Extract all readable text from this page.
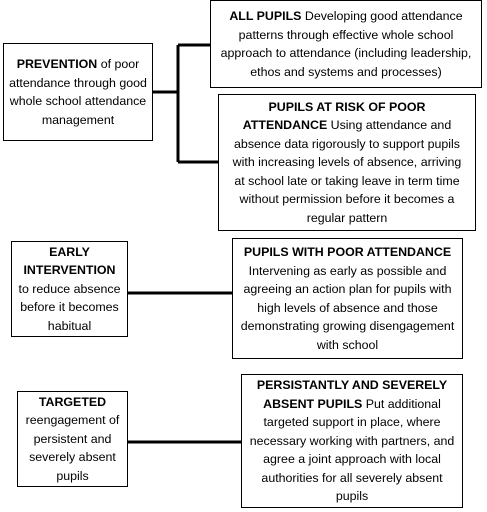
PREVENTION of poor attendance through good whole school attendance management
ALL PUPILS Developing good attendance patterns through effective whole school approach to attendance (including leadership, ethos and systems and processes)
PUPILS AT RISK OF POOR ATTENDANCE Using attendance and absence data rigorously to support pupils with increasing levels of absence, arriving at school late or taking leave in term time without permission before it becomes a regular pattern
EARLY INTERVENTION to reduce absence before it becomes habitual
PUPILS WITH POOR ATTENDANCE Intervening as early as possible and agreeing an action plan for pupils with high levels of absence and those demonstrating growing disengagement with school
TARGETED reengagement of persistent and severely absent pupils
PERSISTANTLY AND SEVERELY ABSENT PUPILS Put additional targeted support in place, where necessary working with partners, and agree a joint approach with local authorities for all severely absent pupils
